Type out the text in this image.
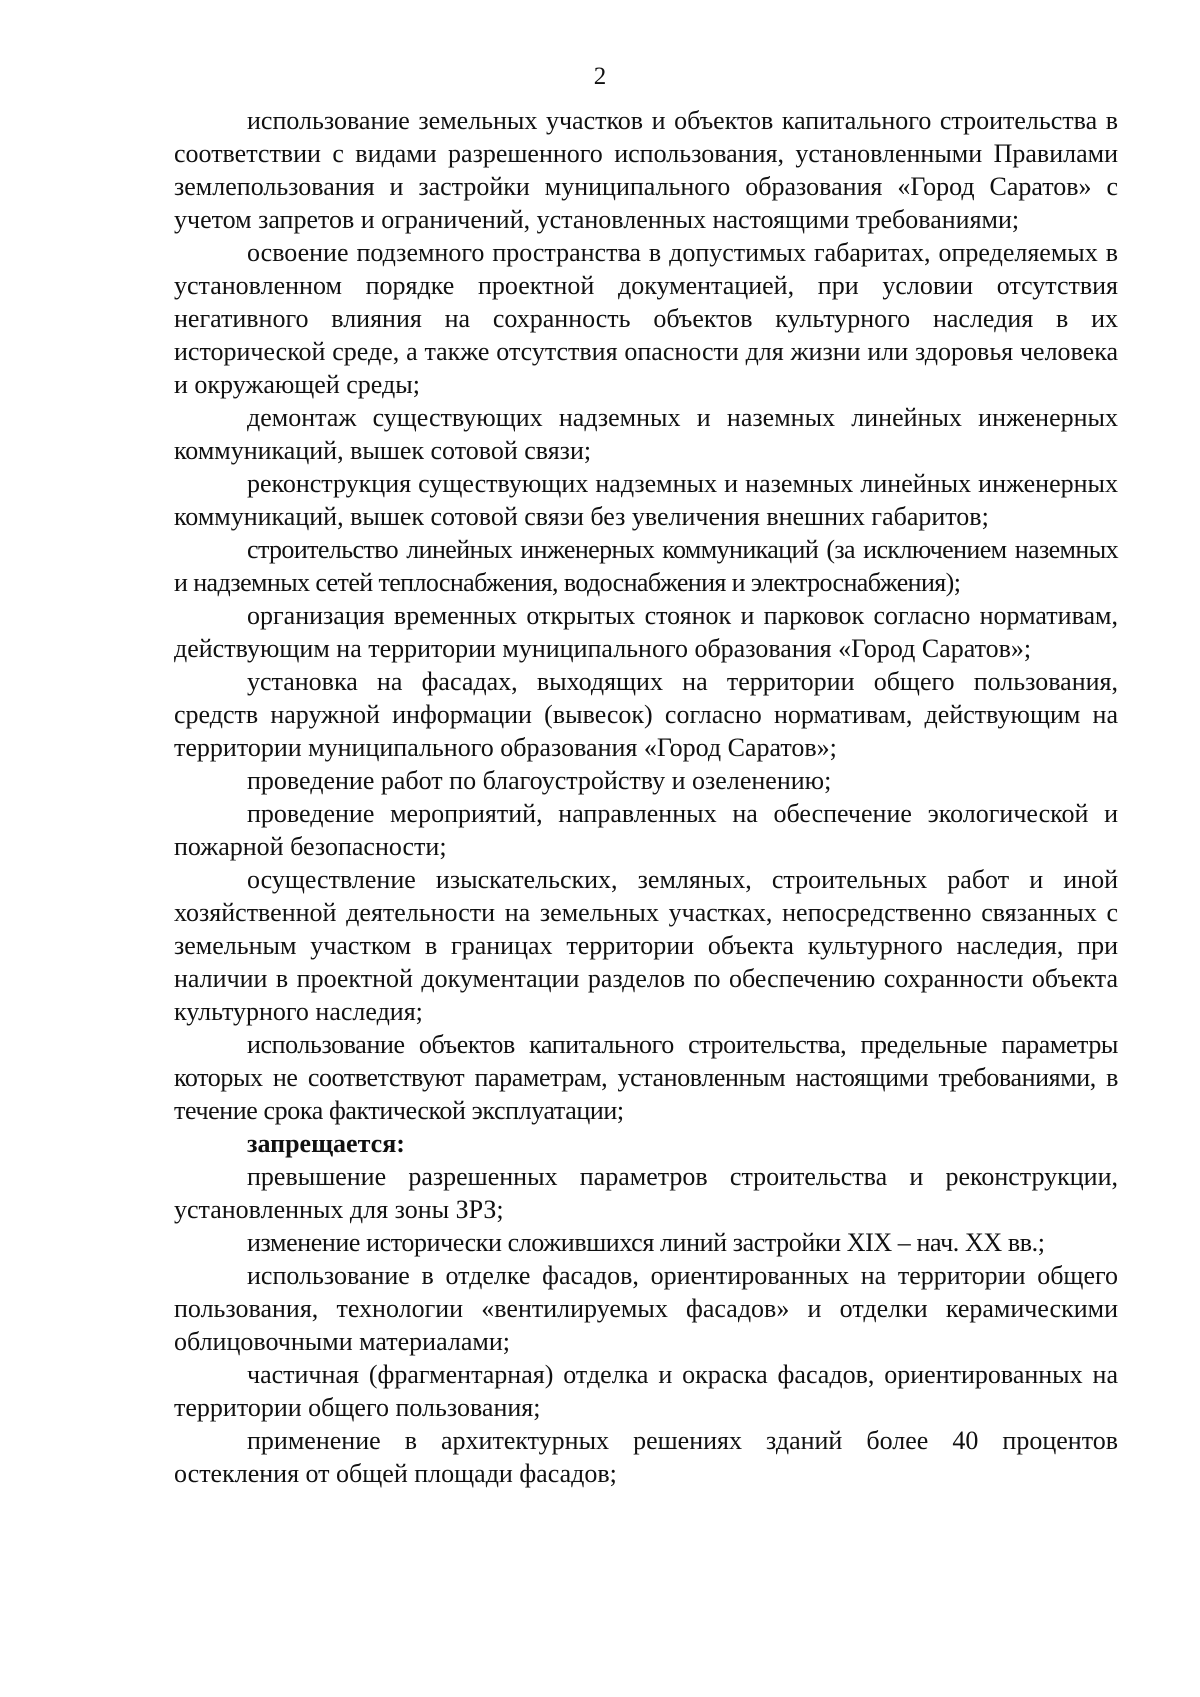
2

использование земельных участков и объектов капитального строительства в соответствии с видами разрешенного использования, установленными Правилами землепользования и застройки муниципального образования «Город Саратов» с учетом запретов и ограничений, установленных настоящими требованиями;

освоение подземного пространства в допустимых габаритах, определяемых в установленном порядке проектной документацией, при условии отсутствия негативного влияния на сохранность объектов культурного наследия в их исторической среде, а также отсутствия опасности для жизни или здоровья человека и окружающей среды;

демонтаж существующих надземных и наземных линейных инженерных коммуникаций, вышек сотовой связи;

реконструкция существующих надземных и наземных линейных инженерных коммуникаций, вышек сотовой связи без увеличения внешних габаритов;

строительство линейных инженерных коммуникаций (за исключением наземных и надземных сетей теплоснабжения, водоснабжения и электроснабжения);

организация временных открытых стоянок и парковок согласно нормативам, действующим на территории муниципального образования «Город Саратов»;

установка на фасадах, выходящих на территории общего пользования, средств наружной информации (вывесок) согласно нормативам, действующим на территории муниципального образования «Город Саратов»;

проведение работ по благоустройству и озеленению;

проведение мероприятий, направленных на обеспечение экологической и пожарной безопасности;

осуществление изыскательских, земляных, строительных работ и иной хозяйственной деятельности на земельных участках, непосредственно связанных с земельным участком в границах территории объекта культурного наследия, при наличии в проектной документации разделов по обеспечению сохранности объекта культурного наследия;

использование объектов капитального строительства, предельные параметры которых не соответствуют параметрам, установленным настоящими требованиями, в течение срока фактической эксплуатации;

запрещается:

превышение разрешенных параметров строительства и реконструкции, установленных для зоны ЗРЗ;

изменение исторически сложившихся линий застройки XIX – нач. XX вв.;

использование в отделке фасадов, ориентированных на территории общего пользования, технологии «вентилируемых фасадов» и отделки керамическими облицовочными материалами;

частичная (фрагментарная) отделка и окраска фасадов, ориентированных на территории общего пользования;

применение в архитектурных решениях зданий более 40 процентов остекления от общей площади фасадов;
